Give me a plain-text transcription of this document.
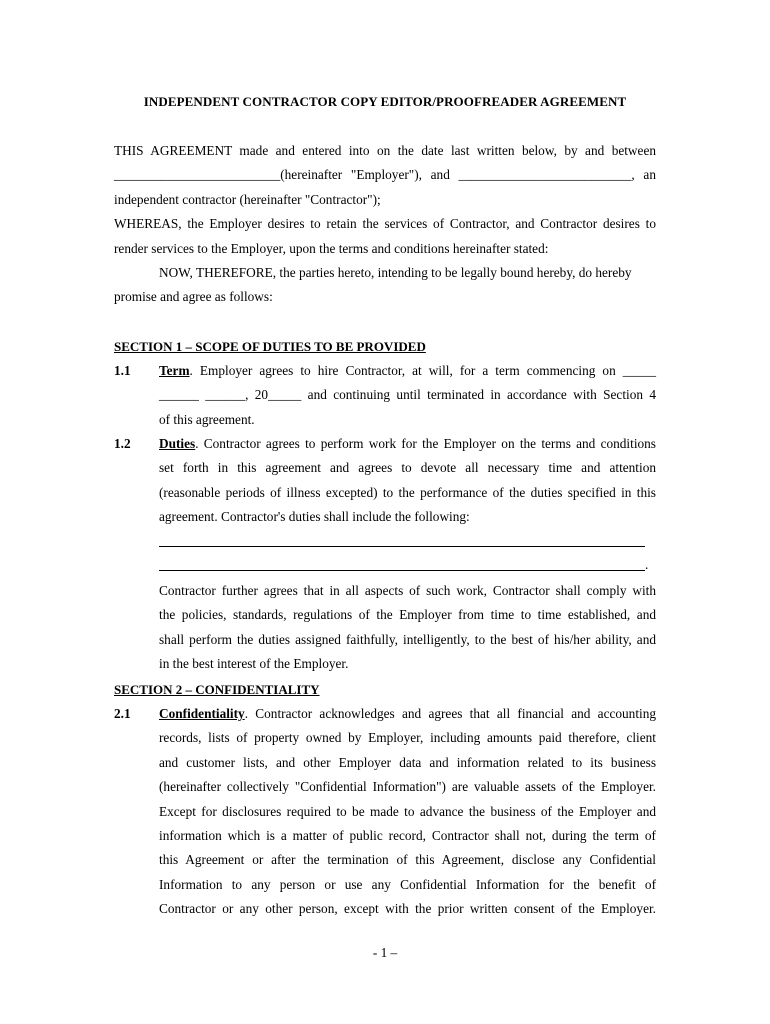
INDEPENDENT CONTRACTOR COPY EDITOR/PROOFREADER AGREEMENT
THIS AGREEMENT made and entered into on the date last written below, by and between
_________________________(hereinafter "Employer"), and __________________________, an
independent contractor (hereinafter "Contractor");
WHEREAS, the Employer desires to retain the services of Contractor, and Contractor desires to
render services to the Employer, upon the terms and conditions hereinafter stated:
NOW, THEREFORE, the parties hereto, intending to be legally bound hereby, do hereby
promise and agree as follows:
SECTION 1 – SCOPE OF DUTIES TO BE PROVIDED
1.1 Term. Employer agrees to hire Contractor, at will, for a term commencing on _____
______ ______, 20_____ and continuing until terminated in accordance with Section 4
of this agreement.
1.2 Duties. Contractor agrees to perform work for the Employer on the terms and conditions
set forth in this agreement and agrees to devote all necessary time and attention
(reasonable periods of illness excepted) to the performance of the duties specified in this
agreement. Contractor's duties shall include the following:
.
Contractor further agrees that in all aspects of such work, Contractor shall comply with
the policies, standards, regulations of the Employer from time to time established, and
shall perform the duties assigned faithfully, intelligently, to the best of his/her ability, and
in the best interest of the Employer.
SECTION 2 – CONFIDENTIALITY
2.1 Confidentiality. Contractor acknowledges and agrees that all financial and accounting
records, lists of property owned by Employer, including amounts paid therefore, client
and customer lists, and other Employer data and information related to its business
(hereinafter collectively "Confidential Information") are valuable assets of the Employer.
Except for disclosures required to be made to advance the business of the Employer and
information which is a matter of public record, Contractor shall not, during the term of
this Agreement or after the termination of this Agreement, disclose any Confidential
Information to any person or use any Confidential Information for the benefit of
Contractor or any other person, except with the prior written consent of the Employer.
- 1 –
